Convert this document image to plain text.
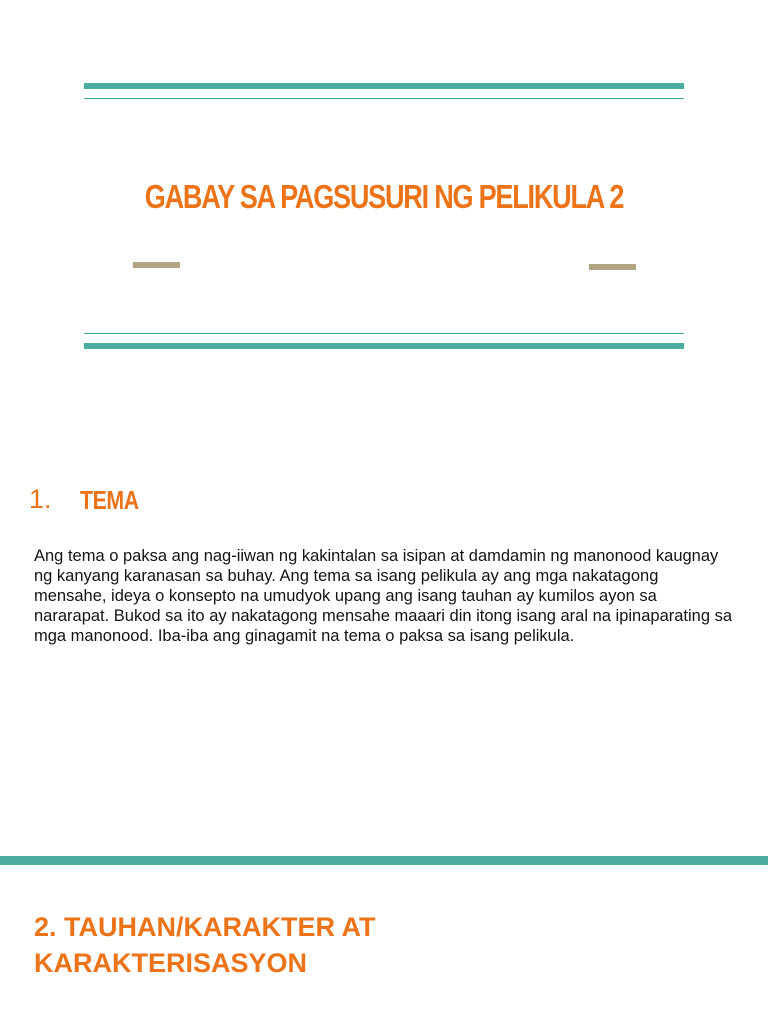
GABAY SA PAGSUSURI NG PELIKULA 2

1. TEMA

Ang tema o paksa ang nag-iiwan ng kakintalan sa isipan at damdamin ng manonood kaugnay ng kanyang karanasan sa buhay. Ang tema sa isang pelikula ay ang mga nakatagong mensahe, ideya o konsepto na umudyok upang ang isang tauhan ay kumilos ayon sa nararapat. Bukod sa ito ay nakatagong mensahe maaari din itong isang aral na ipinaparating sa mga manonood. Iba-iba ang ginagamit na tema o paksa sa isang pelikula.

2. TAUHAN/KARAKTER AT KARAKTERISASYON
